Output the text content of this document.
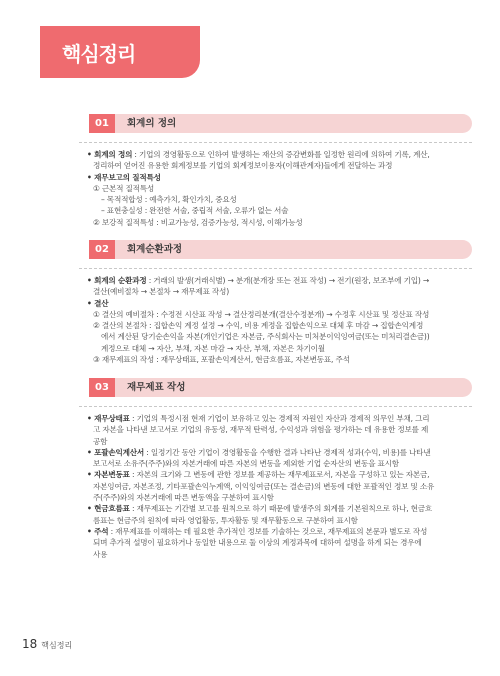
핵심정리
01	회계의 정의

• 회계의 정의 : 기업의 경영활동으로 인하여 발생하는 재산의 증감변화를 일정한 원리에 의하여 기록, 계산,

정리하여 얻어진 유용한 회계정보를 기업의 회계정보이용자(이해관계자)들에게 전달하는 과정

• 재무보고의 질적특성

① 근본적 질적특성

– 목적적합성 : 예측가치, 확인가치, 중요성

– 표현충실성 : 완전한 서술, 중립적 서술, 오류가 없는 서술

② 보강적 질적특성 : 비교가능성, 검증가능성, 적시성, 이해가능성

02	회계순환과정

• 회계의 순환과정 : 거래의 발생(거래식별) → 분개(분개장 또는 전표 작성) → 전기(원장, 보조부에 기입) →

결산(예비절차 → 본절차 → 재무제표 작성)

• 결산

① 결산의 예비절차 : 수정전 시산표 작성 → 결산정리분개(결산수정분개) → 수정후 시산표 및 정산표 작성

② 결산의 본절차 : 집합손익 계정 설정 → 수익, 비용 계정을 집합손익으로 대체 후 마감 → 집합손익계정

에서 계산된 당기순손익을 자본(개인기업은 자본금, 주식회사는 미처분이익잉여금(또는 미처리결손금))

계정으로 대체 → 자산, 부채, 자본 마감 → 자산, 부채, 자본은 차기이월

③ 재무제표의 작성 : 재무상태표, 포괄손익계산서, 현금흐름표, 자본변동표, 주석

03	재무제표 작성

• 재무상태표 : 기업의 특정시점 현재 기업이 보유하고 있는 경제적 자원인 자산과 경제적 의무인 부채, 그리

고 자본을 나타낸 보고서로 기업의 유동성, 재무적 탄력성, 수익성과 위험을 평가하는 데 유용한 정보를 제

공함

• 포괄손익계산서 : 일정기간 동안 기업이 경영활동을 수행한 결과 나타난 경제적 성과(수익, 비용)를 나타낸

보고서로 소유주(주주)와의 자본거래에 따른 자본의 변동을 제외한 기업 순자산의 변동을 표시함

• 자본변동표 : 자본의 크기와 그 변동에 관한 정보를 제공하는 재무제표로서, 자본을 구성하고 있는 자본금,

자본잉여금, 자본조정, 기타포괄손익누계액, 이익잉여금(또는 결손금)의 변동에 대한 포괄적인 정보 및 소유

주(주주)와의 자본거래에 따른 변동액을 구분하여 표시함

• 현금흐름표 : 재무제표는 기간별 보고를 원칙으로 하기 때문에 발생주의 회계를 기본원칙으로 하나, 현금흐

름표는 현금주의 원칙에 따라 영업활동, 투자활동 및 재무활동으로 구분하여 표시함

• 주석 : 재무제표를 이해하는 데 필요한 추가적인 정보를 기술하는 것으로, 재무제표의 본문과 별도로 작성

되며 추가적 설명이 필요하거나 동일한 내용으로 둘 이상의 계정과목에 대하여 설명을 하게 되는 경우에

사용

18 핵심정리
